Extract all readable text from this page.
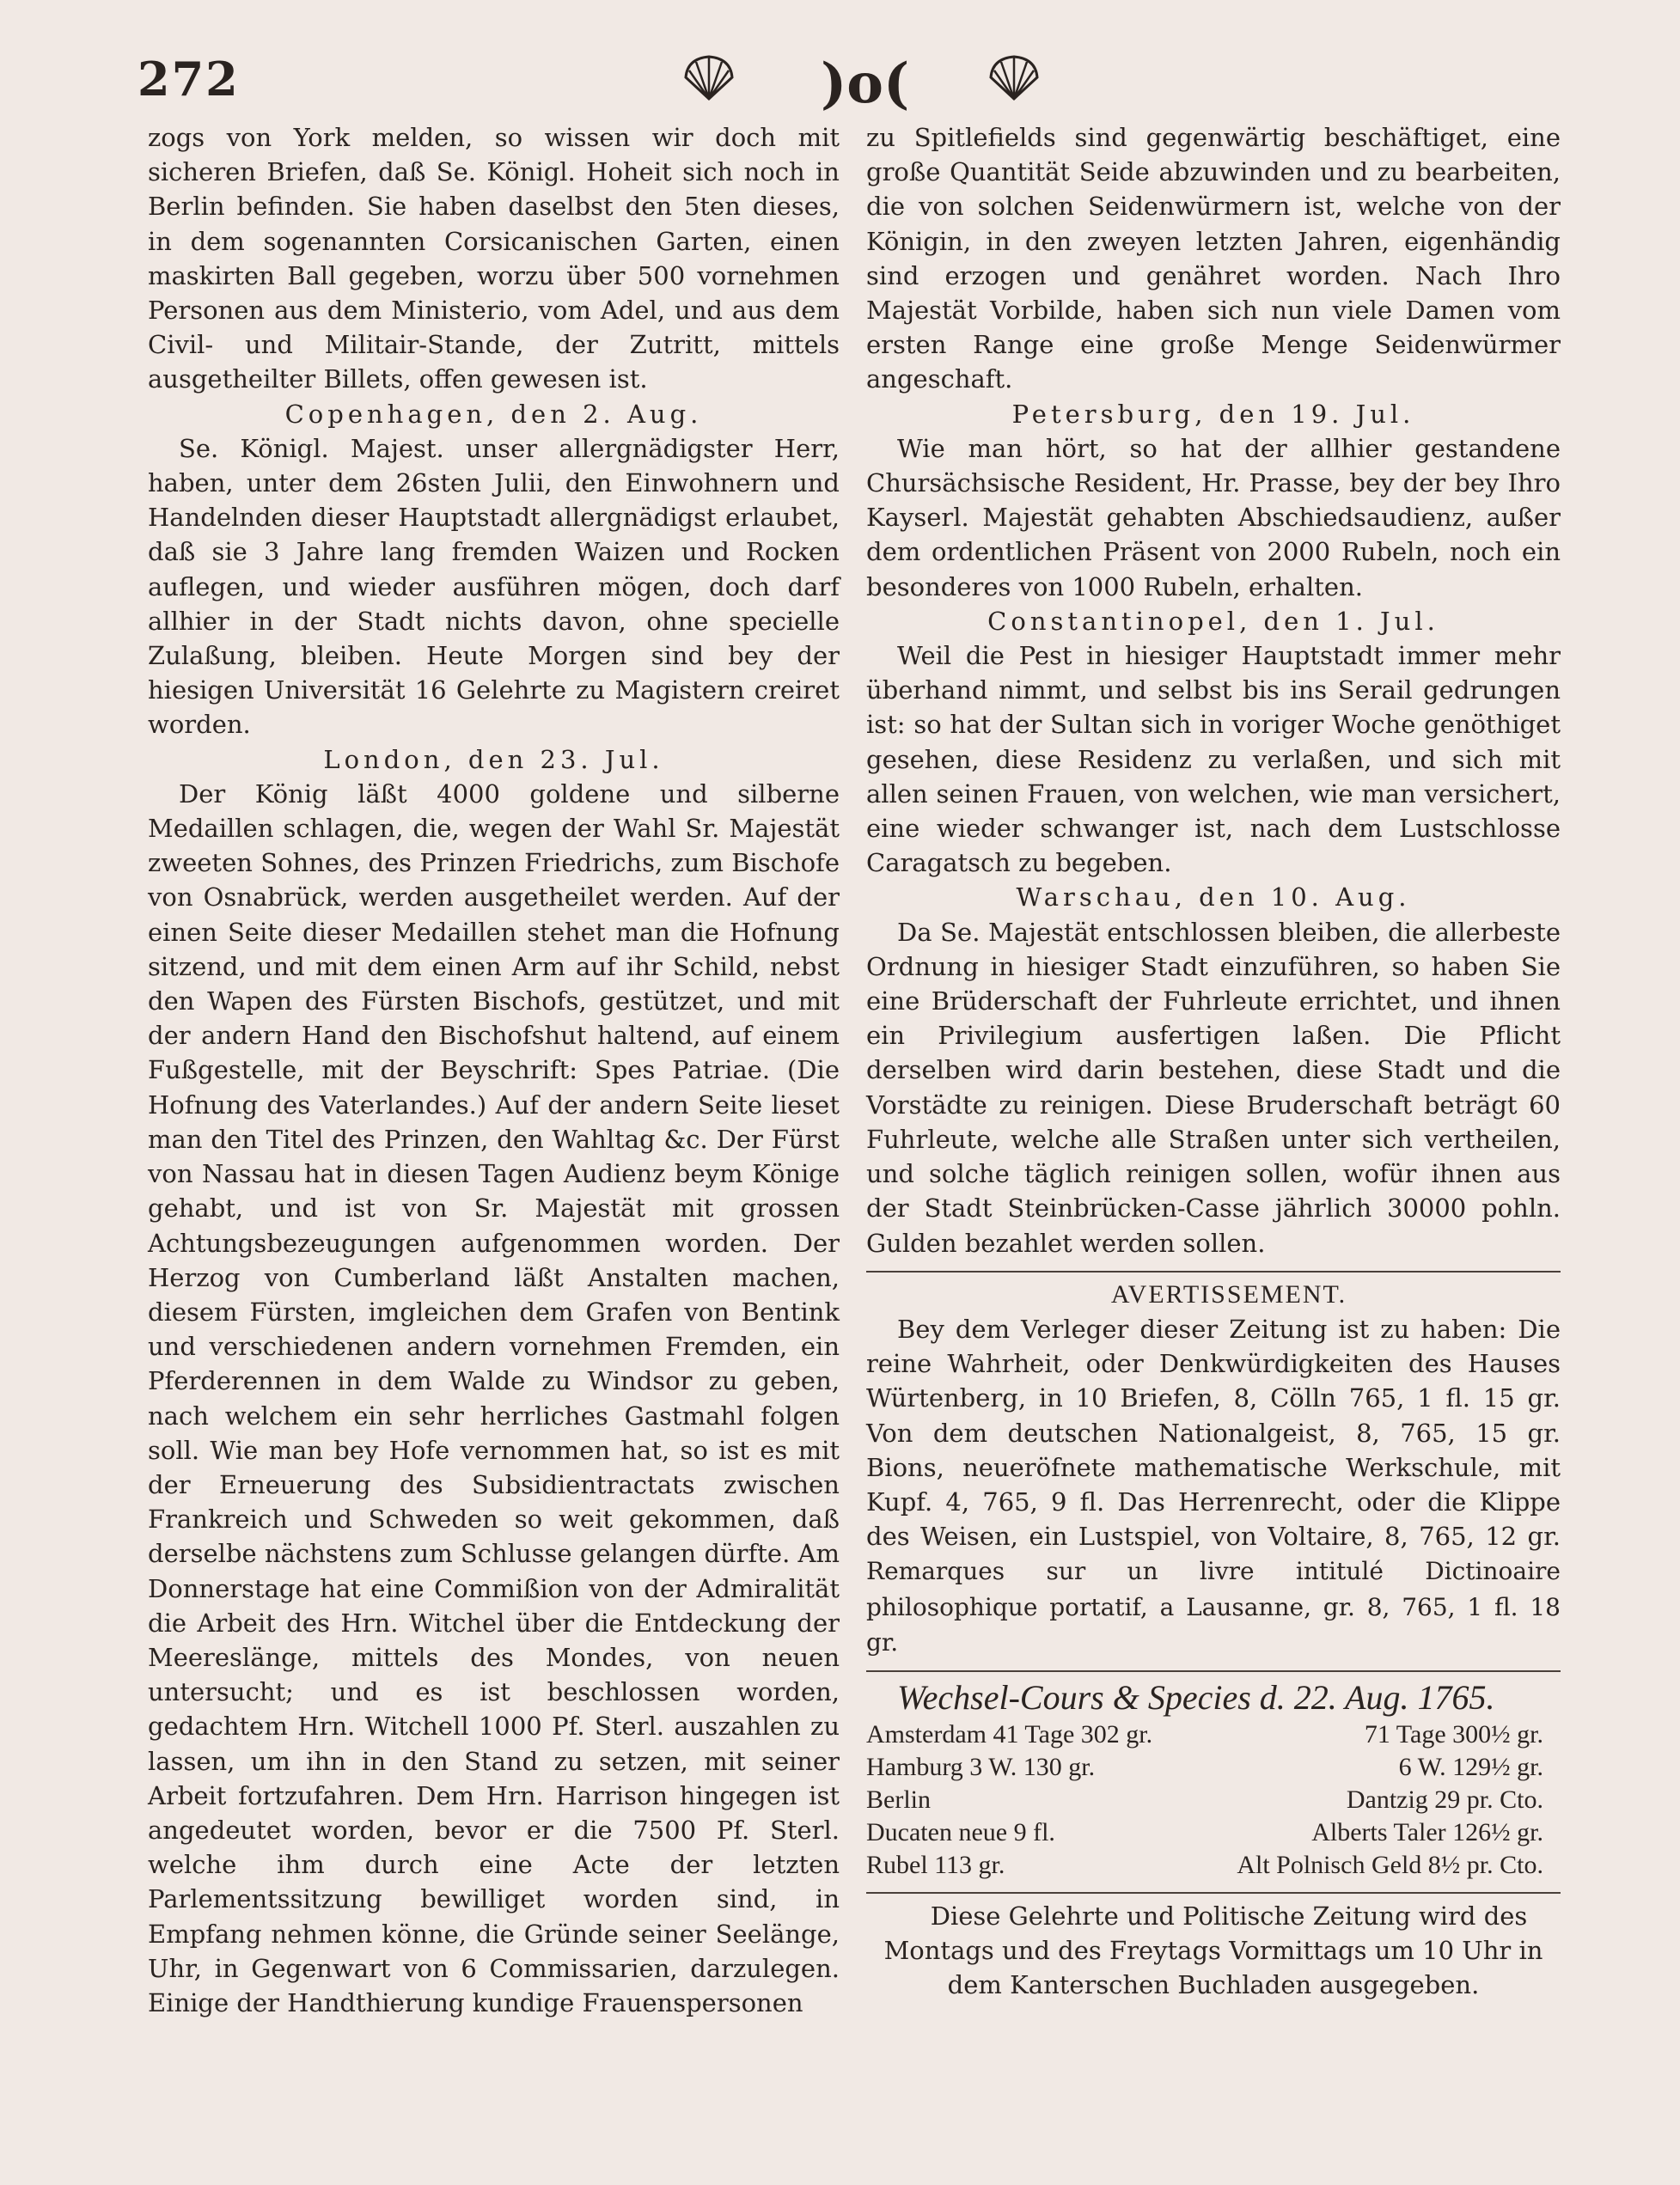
272	)o(

zogs von York melden, so wissen wir doch mit sicheren Briefen, daß Se. Königl. Hoheit sich noch in Berlin befinden. Sie haben daselbst den 5ten dieses, in dem sogenannten Corsicanischen Garten, einen maskirten Ball gegeben, worzu über 500 vornehmen Personen aus dem Ministerio, vom Adel, und aus dem Civil- und Militair-Stande, der Zutritt, mittels ausgetheilter Billets, offen gewesen ist.

Copenhagen, den 2. Aug.

Se. Königl. Majest. unser allergnädigster Herr, haben, unter dem 26sten Julii, den Einwohnern und Handelnden dieser Hauptstadt allergnädigst erlaubet, daß sie 3 Jahre lang fremden Waizen und Rocken auflegen, und wieder ausführen mögen, doch darf allhier in der Stadt nichts davon, ohne specielle Zulaßung, bleiben. Heute Morgen sind bey der hiesigen Universität 16 Gelehrte zu Magistern creiret worden.

London, den 23. Jul.

Der König läßt 4000 goldene und silberne Medaillen schlagen, die, wegen der Wahl Sr. Majestät zweeten Sohnes, des Prinzen Friedrichs, zum Bischofe von Osnabrück, werden ausgetheilet werden. Auf der einen Seite dieser Medaillen stehet man die Hofnung sitzend, und mit dem einen Arm auf ihr Schild, nebst den Wapen des Fürsten Bischofs, gestützet, und mit der andern Hand den Bischofshut haltend, auf einem Fußgestelle, mit der Beyschrift: Spes Patriae. (Die Hofnung des Vaterlandes.) Auf der andern Seite lieset man den Titel des Prinzen, den Wahltag &c. Der Fürst von Nassau hat in diesen Tagen Audienz beym Könige gehabt, und ist von Sr. Majestät mit grossen Achtungsbezeugungen aufgenommen worden. Der Herzog von Cumberland läßt Anstalten machen, diesem Fürsten, imgleichen dem Grafen von Bentink und verschiedenen andern vornehmen Fremden, ein Pferderennen in dem Walde zu Windsor zu geben, nach welchem ein sehr herrliches Gastmahl folgen soll. Wie man bey Hofe vernommen hat, so ist es mit der Erneuerung des Subsidientractats zwischen Frankreich und Schweden so weit gekommen, daß derselbe nächstens zum Schlusse gelangen dürfte. Am Donnerstage hat eine Commißion von der Admiralität die Arbeit des Hrn. Witchel über die Entdeckung der Meereslänge, mittels des Mondes, von neuen untersucht; und es ist beschlossen worden, gedachtem Hrn. Witchell 1000 Pf. Sterl. auszahlen zu lassen, um ihn in den Stand zu setzen, mit seiner Arbeit fortzufahren. Dem Hrn. Harrison hingegen ist angedeutet worden, bevor er die 7500 Pf. Sterl. welche ihm durch eine Acte der letzten Parlementssitzung bewilliget worden sind, in Empfang nehmen könne, die Gründe seiner Seelänge, Uhr, in Gegenwart von 6 Commissarien, darzulegen. Einige der Handthierung kundige Frauenspersonen

zu Spitlefields sind gegenwärtig beschäftiget, eine große Quantität Seide abzuwinden und zu bearbeiten, die von solchen Seidenwürmern ist, welche von der Königin, in den zweyen letzten Jahren, eigenhändig sind erzogen und genähret worden. Nach Ihro Majestät Vorbilde, haben sich nun viele Damen vom ersten Range eine große Menge Seidenwürmer angeschaft.

Petersburg, den 19. Jul.

Wie man hört, so hat der allhier gestandene Chursächsische Resident, Hr. Prasse, bey der bey Ihro Kayserl. Majestät gehabten Abschiedsaudienz, außer dem ordentlichen Präsent von 2000 Rubeln, noch ein besonderes von 1000 Rubeln, erhalten.

Constantinopel, den 1. Jul.

Weil die Pest in hiesiger Hauptstadt immer mehr überhand nimmt, und selbst bis ins Serail gedrungen ist: so hat der Sultan sich in voriger Woche genöthiget gesehen, diese Residenz zu verlaßen, und sich mit allen seinen Frauen, von welchen, wie man versichert, eine wieder schwanger ist, nach dem Lustschlosse Caragatsch zu begeben.

Warschau, den 10. Aug.

Da Se. Majestät entschlossen bleiben, die allerbeste Ordnung in hiesiger Stadt einzuführen, so haben Sie eine Brüderschaft der Fuhrleute errichtet, und ihnen ein Privilegium ausfertigen laßen. Die Pflicht derselben wird darin bestehen, diese Stadt und die Vorstädte zu reinigen. Diese Bruderschaft beträgt 60 Fuhrleute, welche alle Straßen unter sich vertheilen, und solche täglich reinigen sollen, wofür ihnen aus der Stadt Steinbrücken-Casse jährlich 30000 pohln. Gulden bezahlet werden sollen.

AVERTISSEMENT.

Bey dem Verleger dieser Zeitung ist zu haben: Die reine Wahrheit, oder Denkwürdigkeiten des Hauses Würtenberg, in 10 Briefen, 8, Cölln 765, 1 fl. 15 gr. Von dem deutschen Nationalgeist, 8, 765, 15 gr. Bions, neueröfnete mathematische Werkschule, mit Kupf. 4, 765, 9 fl. Das Herrenrecht, oder die Klippe des Weisen, ein Lustspiel, von Voltaire, 8, 765, 12 gr. Remarques sur un livre intitulé Dictinoaire philosophique portatif, a Lausanne, gr. 8, 765, 1 fl. 18 gr.

Wechsel-Cours & Species d. 22. Aug. 1765.

Amsterdam 41 Tage 302 gr.	71 Tage 300½ gr.
Hamburg 3 W. 130 gr.	6 W. 129½ gr.
Berlin	Dantzig 29 pr. Cto.
Ducaten neue 9 fl.	Alberts Taler 126½ gr.
Rubel 113 gr.	Alt Polnisch Geld 8½ pr. Cto.

Diese Gelehrte und Politische Zeitung wird des Montags und des Freytags Vormittags um 10 Uhr in dem Kanterschen Buchladen ausgegeben.
